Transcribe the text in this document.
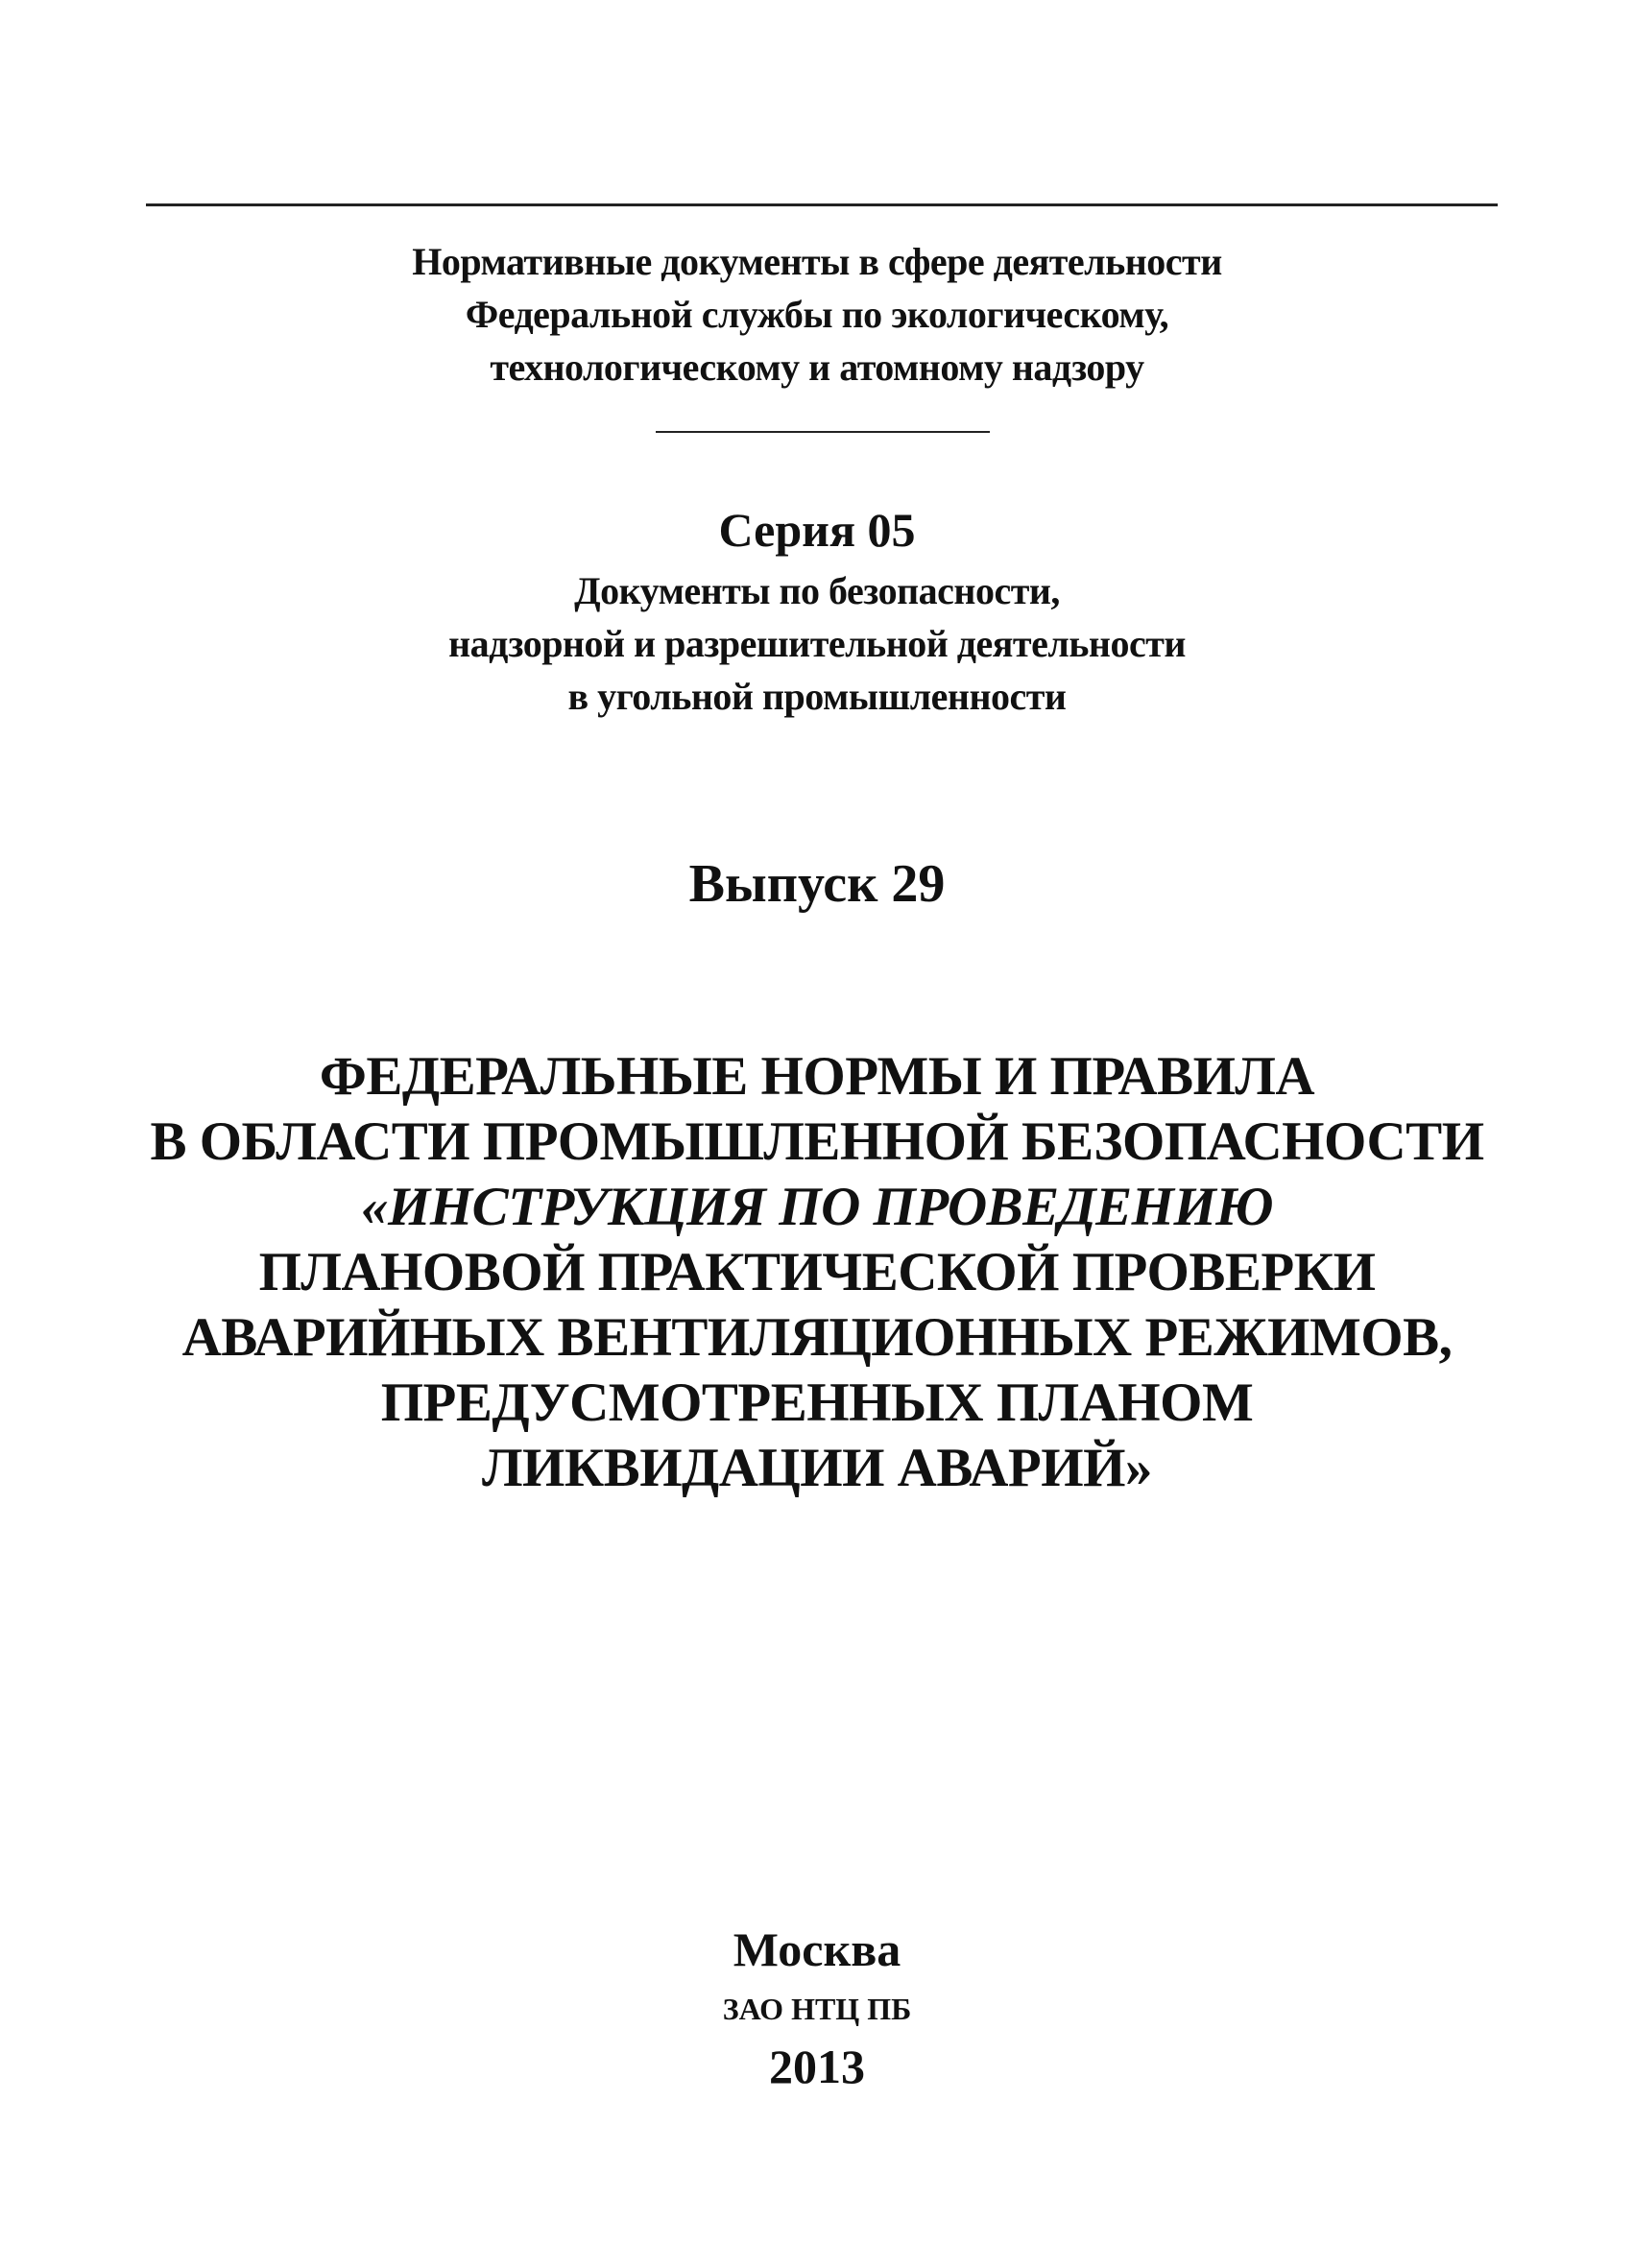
Нормативные документы в сфере деятельности
Федеральной службы по экологическому,
технологическому и атомному надзору
Серия 05
Документы по безопасности,
надзорной и разрешительной деятельности
в угольной промышленности
Выпуск 29
ФЕДЕРАЛЬНЫЕ НОРМЫ И ПРАВИЛА
В ОБЛАСТИ ПРОМЫШЛЕННОЙ БЕЗОПАСНОСТИ
«ИНСТРУКЦИЯ ПО ПРОВЕДЕНИЮ
ПЛАНОВОЙ ПРАКТИЧЕСКОЙ ПРОВЕРКИ
АВАРИЙНЫХ ВЕНТИЛЯЦИОННЫХ РЕЖИМОВ,
ПРЕДУСМОТРЕННЫХ ПЛАНОМ
ЛИКВИДАЦИИ АВАРИЙ»
Москва
ЗАО НТЦ ПБ
2013
